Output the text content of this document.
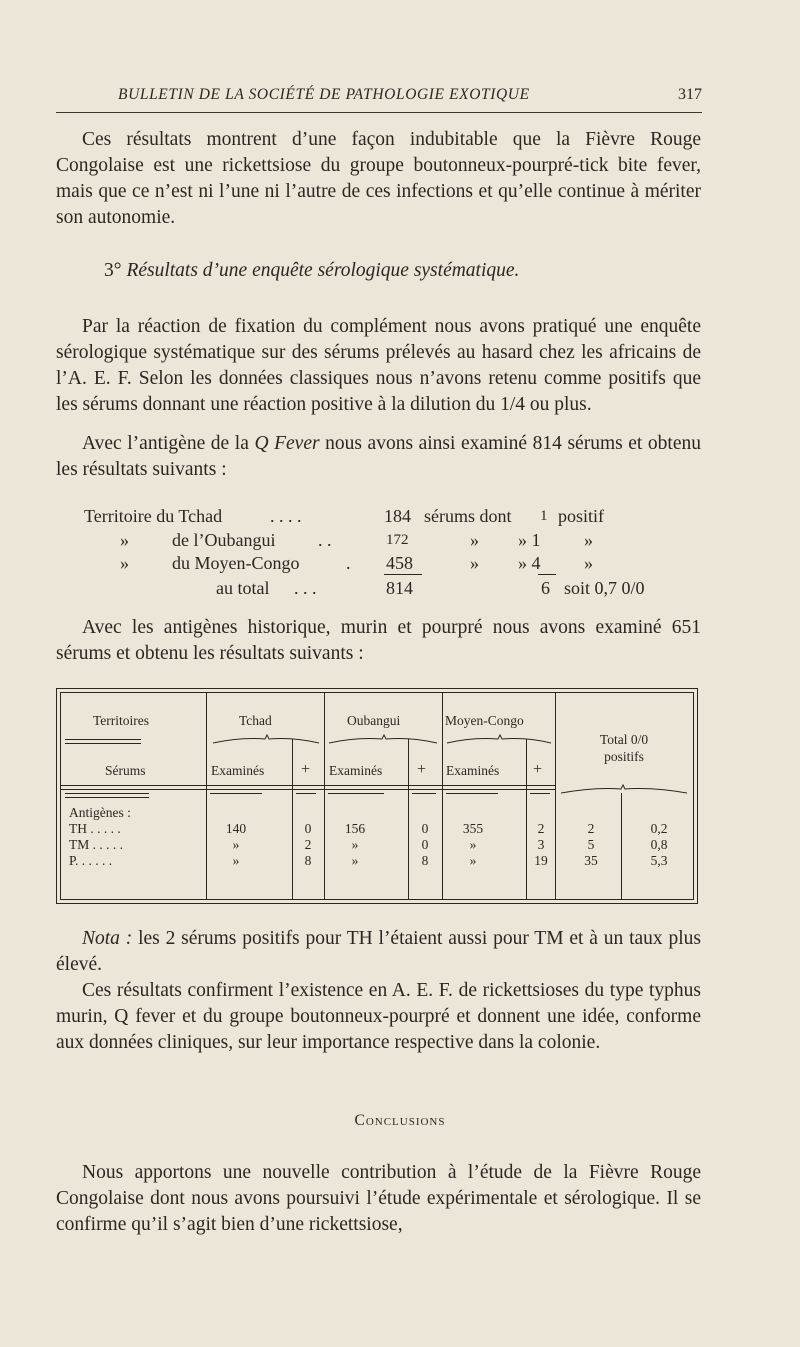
BULLETIN DE LA SOCIÉTÉ DE PATHOLOGIE EXOTIQUE	317

Ces résultats montrent d’une façon indubitable que la Fièvre Rouge Congolaise est une rickettsiose du groupe boutonneux-pourpré-tick bite fever, mais que ce n’est ni l’une ni l’autre de ces infections et qu’elle continue à mériter son autonomie.

3° Résultats d’une enquête sérologique systématique.

Par la réaction de fixation du complément nous avons pratiqué une enquête sérologique systématique sur des sérums prélevés au hasard chez les africains de l’A. E. F. Selon les données classiques nous n’avons retenu comme positifs que les sérums donnant une réaction positive à la dilution du 1/4 ou plus.

Avec l’antigène de la Q Fever nous avons ainsi examiné 814 sérums et obtenu les résultats suivants :

Territoire du Tchad	. . . .	184 sérums dont 1 positif
» de l’Oubangui . .	172	» » 1 »
» du Moyen-Congo	. 458	» » 4 »
au total . . .	814	6 soit 0,7 0/0

Avec les antigènes historique, murin et pourpré nous avons examiné 651 sérums et obtenu les résultats suivants :

Territoires
Sérums
Tchad	Oubangui	Moyen-Congo
Examinés + Examinés + Examinés +
Total 0/0 positifs
Antigènes :
TH . . . . .	140	0	156	0	355	2	2	0,2
TM . . . . .	»	2	»	0	»	3	5	0,8
P. . . . . .	»	8	»	8	»	19	35	5,3

Nota : les 2 sérums positifs pour TH l’étaient aussi pour TM et à un taux plus élevé.

Ces résultats confirment l’existence en A. E. F. de rickettsioses du type typhus murin, Q fever et du groupe boutonneux-pourpré et donnent une idée, conforme aux données cliniques, sur leur importance respective dans la colonie.

Conclusions

Nous apportons une nouvelle contribution à l’étude de la Fièvre Rouge Congolaise dont nous avons poursuivi l’étude expérimentale et sérologique. Il se confirme qu’il s’agit bien d’une rickettsiose,
